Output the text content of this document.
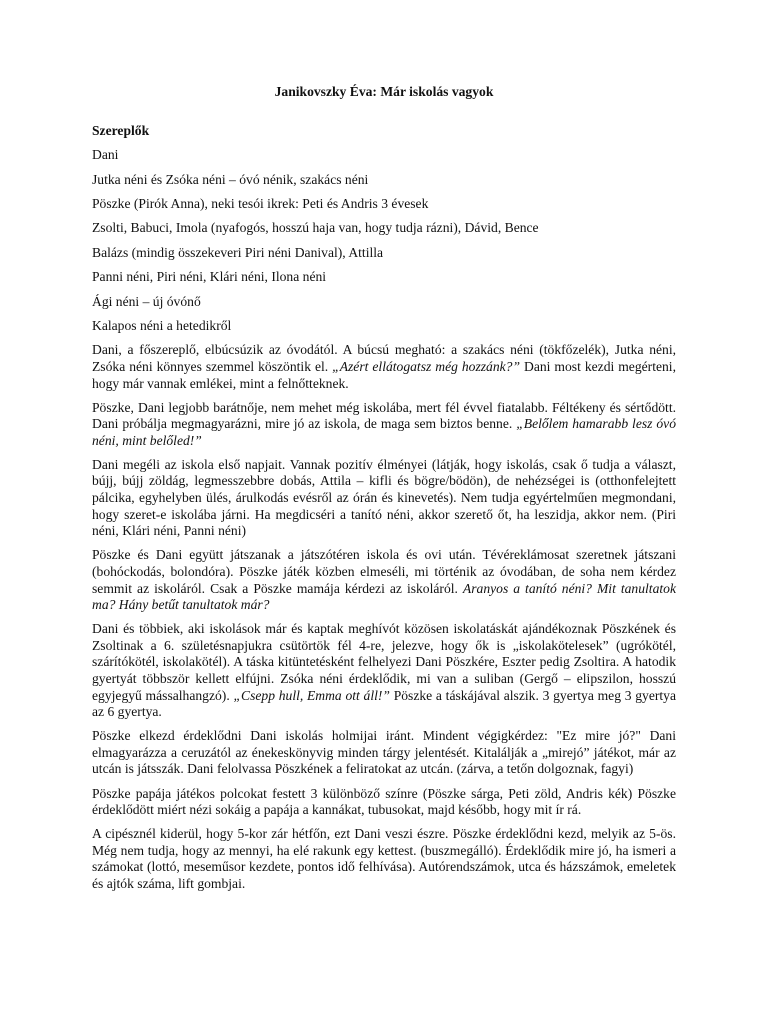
Janikovszky Éva: Már iskolás vagyok
Szereplők
Dani
Jutka néni és Zsóka néni – óvó nénik, szakács néni
Pöszke (Pirók Anna), neki tesói ikrek: Peti és Andris 3 évesek
Zsolti, Babuci, Imola (nyafogós, hosszú haja van, hogy tudja rázni), Dávid, Bence
Balázs (mindig összekeveri Piri néni Danival), Attilla
Panni néni, Piri néni, Klári néni, Ilona néni
Ági néni – új óvónő
Kalapos néni a hetedikről

Dani, a főszereplő, elbúcsúzik az óvodától. A búcsú megható: a szakács néni (tökfőzelék), Jutka néni, Zsóka néni könnyes szemmel köszöntik el. „Azért ellátogatsz még hozzánk?” Dani most kezdi megérteni, hogy már vannak emlékei, mint a felnőtteknek.

Pöszke, Dani legjobb barátnője, nem mehet még iskolába, mert fél évvel fiatalabb. Féltékeny és sértődött. Dani próbálja megmagyarázni, mire jó az iskola, de maga sem biztos benne. „Belőlem hamarabb lesz óvó néni, mint belőled!”

Dani megéli az iskola első napjait. Vannak pozitív élményei (látják, hogy iskolás, csak ő tudja a választ, bújj, bújj zöldág, legmesszebbre dobás, Attila – kifli és bögre/bödön), de nehézségei is (otthonfelejtett pálcika, egyhelyben ülés, árulkodás evésről az órán és kinevetés). Nem tudja egyértelműen megmondani, hogy szeret-e iskolába járni. Ha megdicséri a tanító néni, akkor szerető őt, ha leszidja, akkor nem. (Piri néni, Klári néni, Panni néni)

Pöszke és Dani együtt játszanak a játszótéren iskola és ovi után. Tévéreklámosat szeretnek játszani (bohóckodás, bolondóra). Pöszke játék közben elmeséli, mi történik az óvodában, de soha nem kérdez semmit az iskoláról. Csak a Pöszke mamája kérdezi az iskoláról. Aranyos a tanító néni? Mit tanultatok ma? Hány betűt tanultatok már?

Dani és többiek, aki iskolások már és kaptak meghívót közösen iskolatáskát ajándékoznak Pöszkének és Zsoltinak a 6. születésnapjukra csütörtök fél 4-re, jelezve, hogy ők is „iskolakötelesek” (ugrókötél, szárítókötél, iskolakötél). A táska kitüntetésként felhelyezi Dani Pöszkére, Eszter pedig Zsoltira. A hatodik gyertyát többször kellett elfújni. Zsóka néni érdeklődik, mi van a suliban (Gergő – elipszilon, hosszú egyjegyű mássalhangzó). „Csepp hull, Emma ott áll!” Pöszke a táskájával alszik. 3 gyertya meg 3 gyertya az 6 gyertya.

Pöszke elkezd érdeklődni Dani iskolás holmijai iránt. Mindent végigkérdez: "Ez mire jó?" Dani elmagyarázza a ceruzától az énekeskönyvig minden tárgy jelentését. Kitalálják a „mirejó” játékot, már az utcán is játsszák. Dani felolvassa Pöszkének a feliratokat az utcán. (zárva, a tetőn dolgoznak, fagyi)

Pöszke papája játékos polcokat festett 3 különböző színre (Pöszke sárga, Peti zöld, Andris kék) Pöszke érdeklődött miért nézi sokáig a papája a kannákat, tubusokat, majd később, hogy mit ír rá.

A cipésznél kiderül, hogy 5-kor zár hétfőn, ezt Dani veszi észre. Pöszke érdeklődni kezd, melyik az 5-ös. Még nem tudja, hogy az mennyi, ha elé rakunk egy kettest. (buszmegálló). Érdeklődik mire jó, ha ismeri a számokat (lottó, meseműsor kezdete, pontos idő felhívása). Autórendszámok, utca és házszámok, emeletek és ajtók száma, lift gombjai.
